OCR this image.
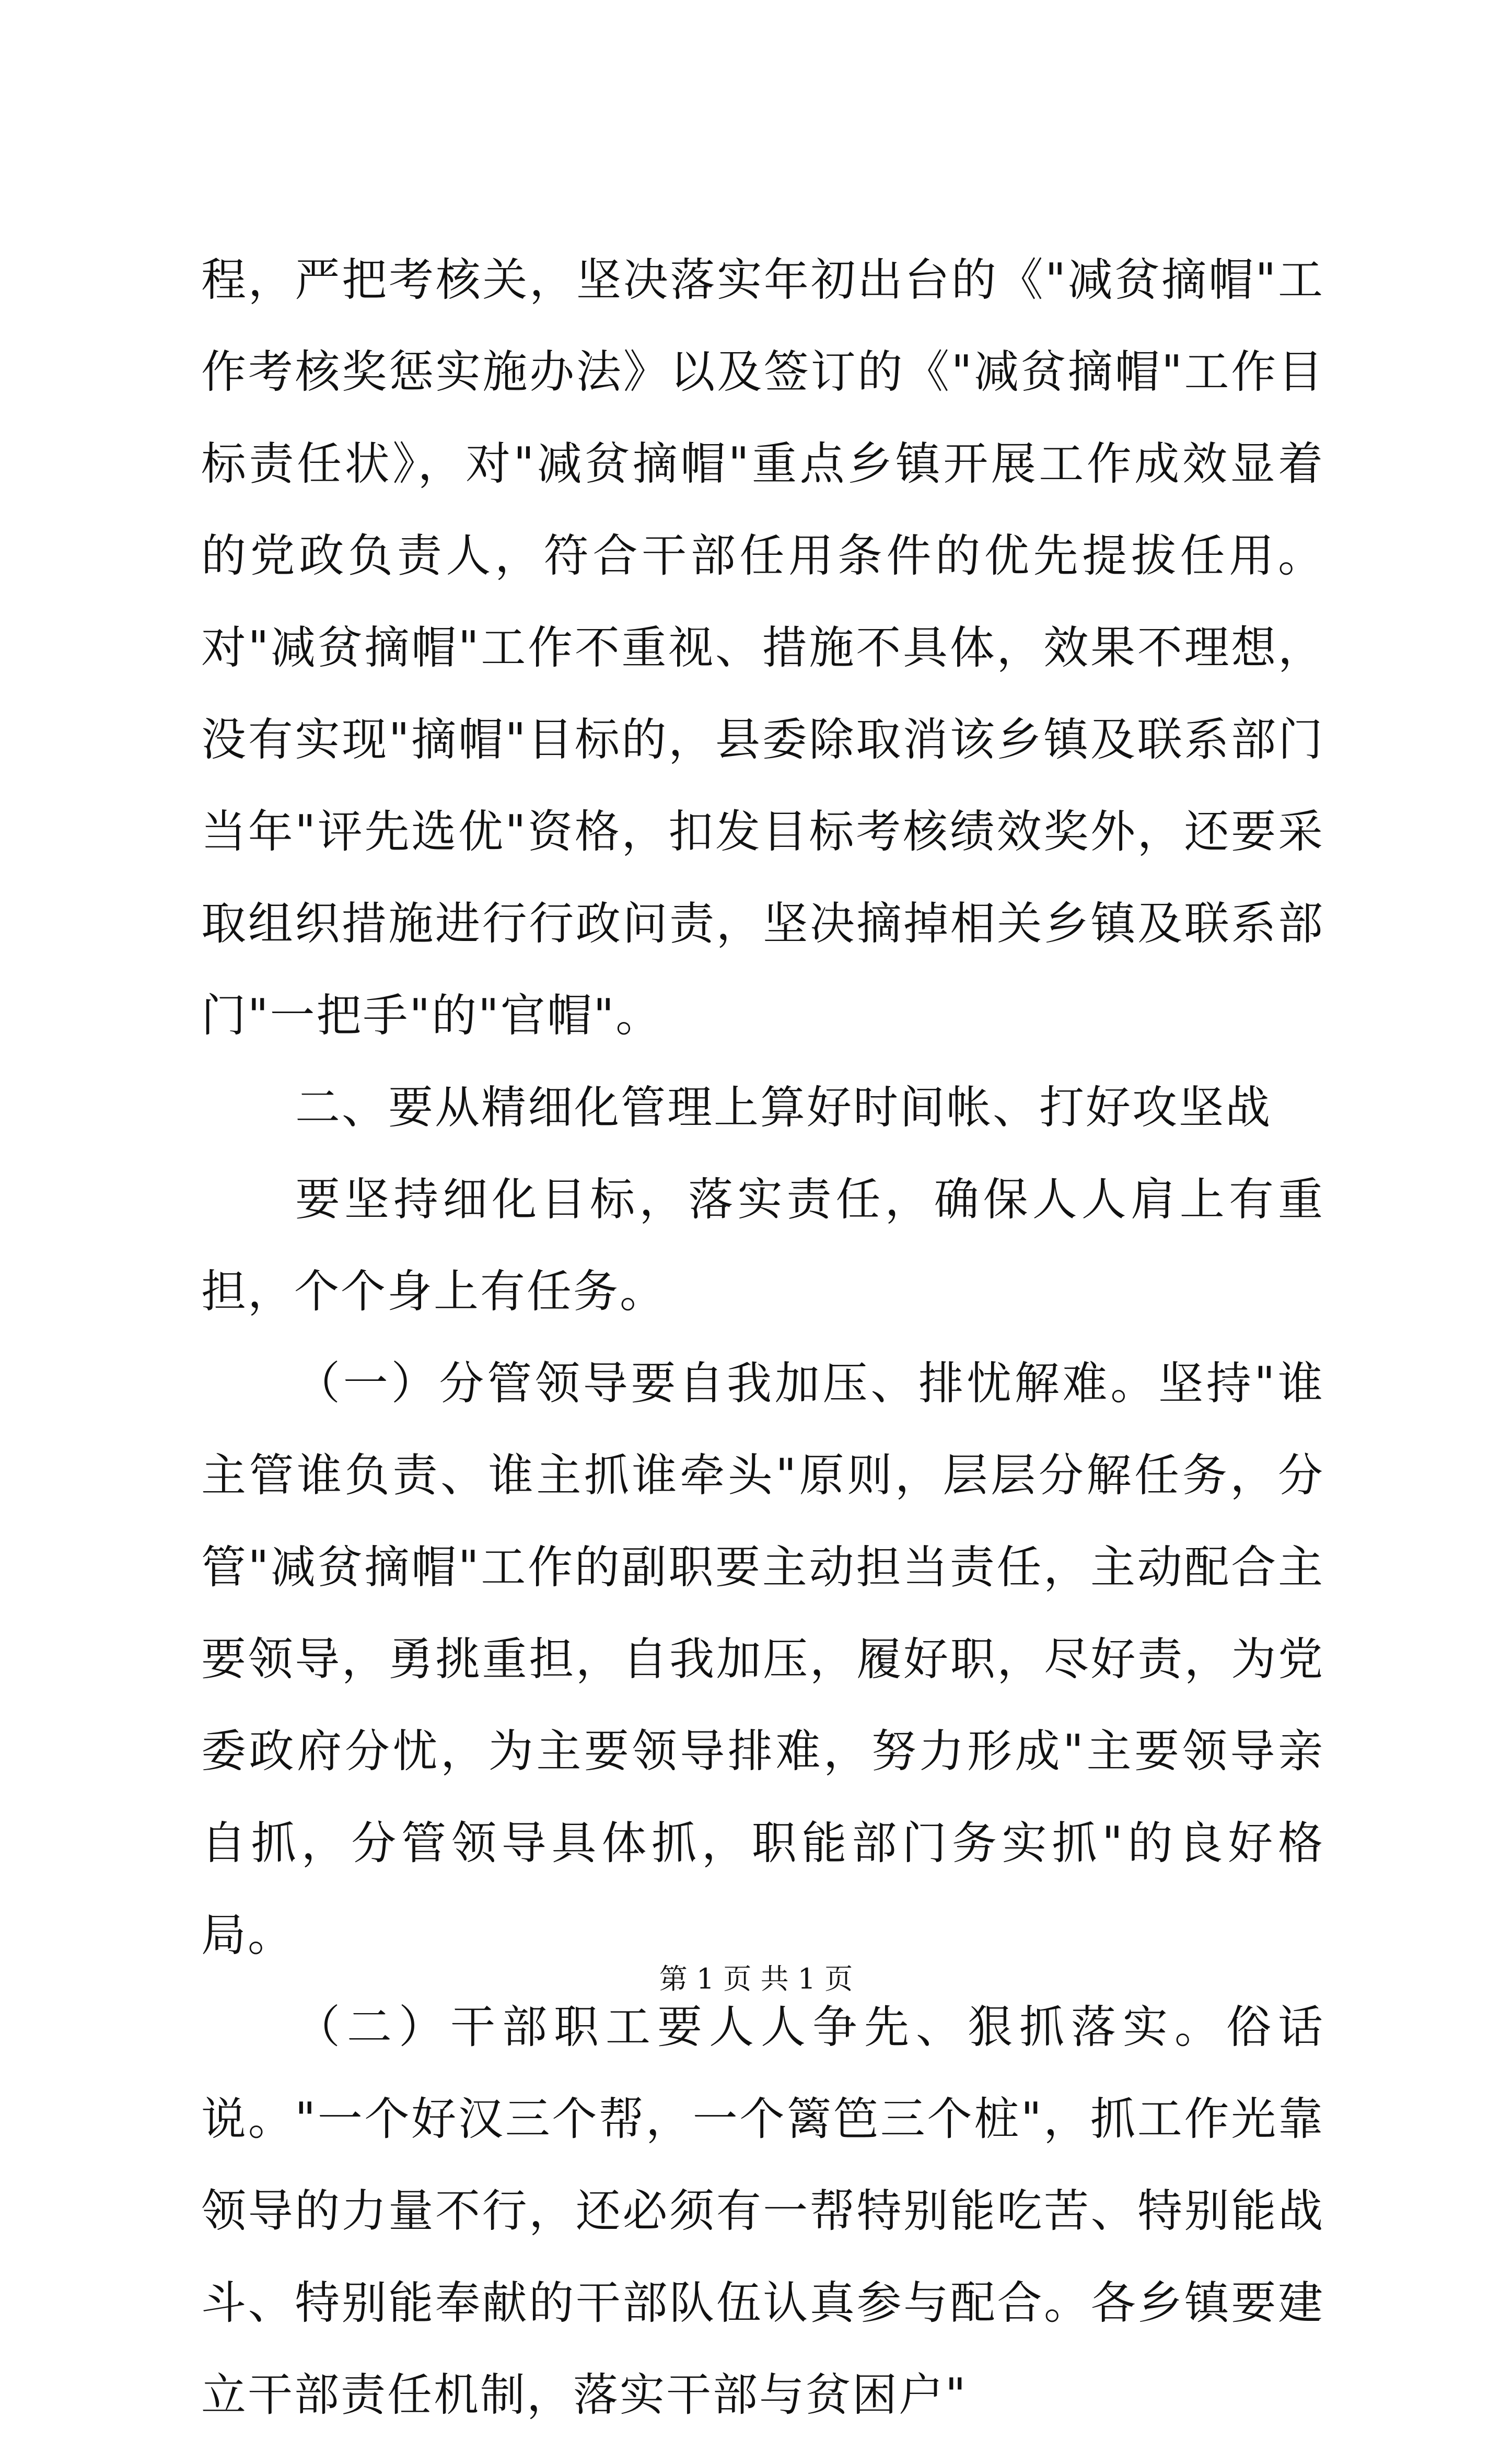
程，严把考核关，坚决落实年初出台的《"减贫摘帽"工作考核奖惩实施办法》以及签订的《"减贫摘帽"工作目标责任状》，对"减贫摘帽"重点乡镇开展工作成效显着的党政负责人，符合干部任用条件的优先提拔任用。对"减贫摘帽"工作不重视、措施不具体，效果不理想，没有实现"摘帽"目标的，县委除取消该乡镇及联系部门当年"评先选优"资格，扣发目标考核绩效奖外，还要采取组织措施进行行政问责，坚决摘掉相关乡镇及联系部门"一把手"的"官帽"。

二、要从精细化管理上算好时间帐、打好攻坚战

要坚持细化目标，落实责任，确保人人肩上有重担，个个身上有任务。

（一）分管领导要自我加压、排忧解难。坚持"谁主管谁负责、谁主抓谁牵头"原则，层层分解任务，分管"减贫摘帽"工作的副职要主动担当责任，主动配合主要领导，勇挑重担，自我加压，履好职，尽好责，为党委政府分忧，为主要领导排难，努力形成"主要领导亲自抓，分管领导具体抓，职能部门务实抓"的良好格局。

（二）干部职工要人人争先、狠抓落实。俗话说。"一个好汉三个帮，一个篱笆三个桩"，抓工作光靠领导的力量不行，还必须有一帮特别能吃苦、特别能战斗、特别能奉献的干部队伍认真参与配合。各乡镇要建立干部责任机制，落实干部与贫困户"

第 1 页 共 1 页
